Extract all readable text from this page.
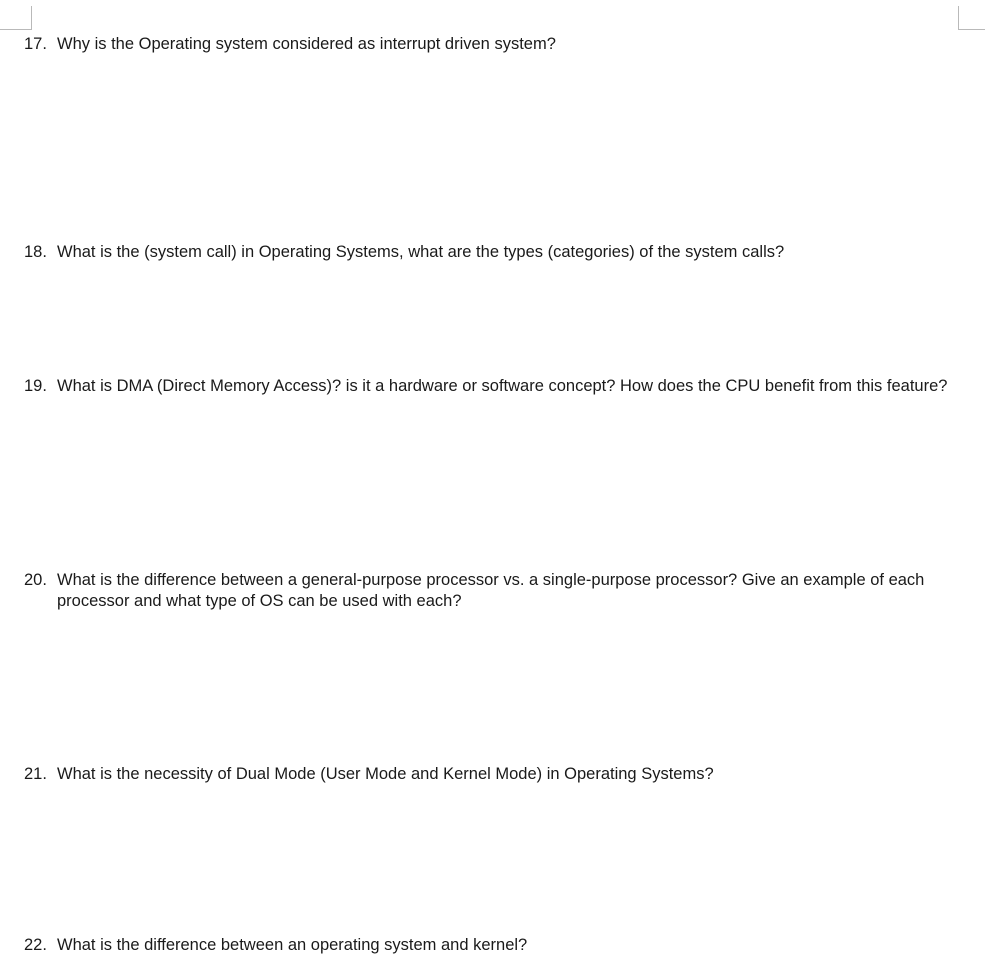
17. Why is the Operating system considered as interrupt driven system?
18. What is the (system call) in Operating Systems, what are the types (categories) of the system calls?
19. What is DMA (Direct Memory Access)? is it a hardware or software concept? How does the CPU benefit from this feature?
20. What is the difference between a general-purpose processor vs. a single-purpose processor? Give an example of each processor and what type of OS can be used with each?
21. What is the necessity of Dual Mode (User Mode and Kernel Mode) in Operating Systems?
22. What is the difference between an operating system and kernel?
